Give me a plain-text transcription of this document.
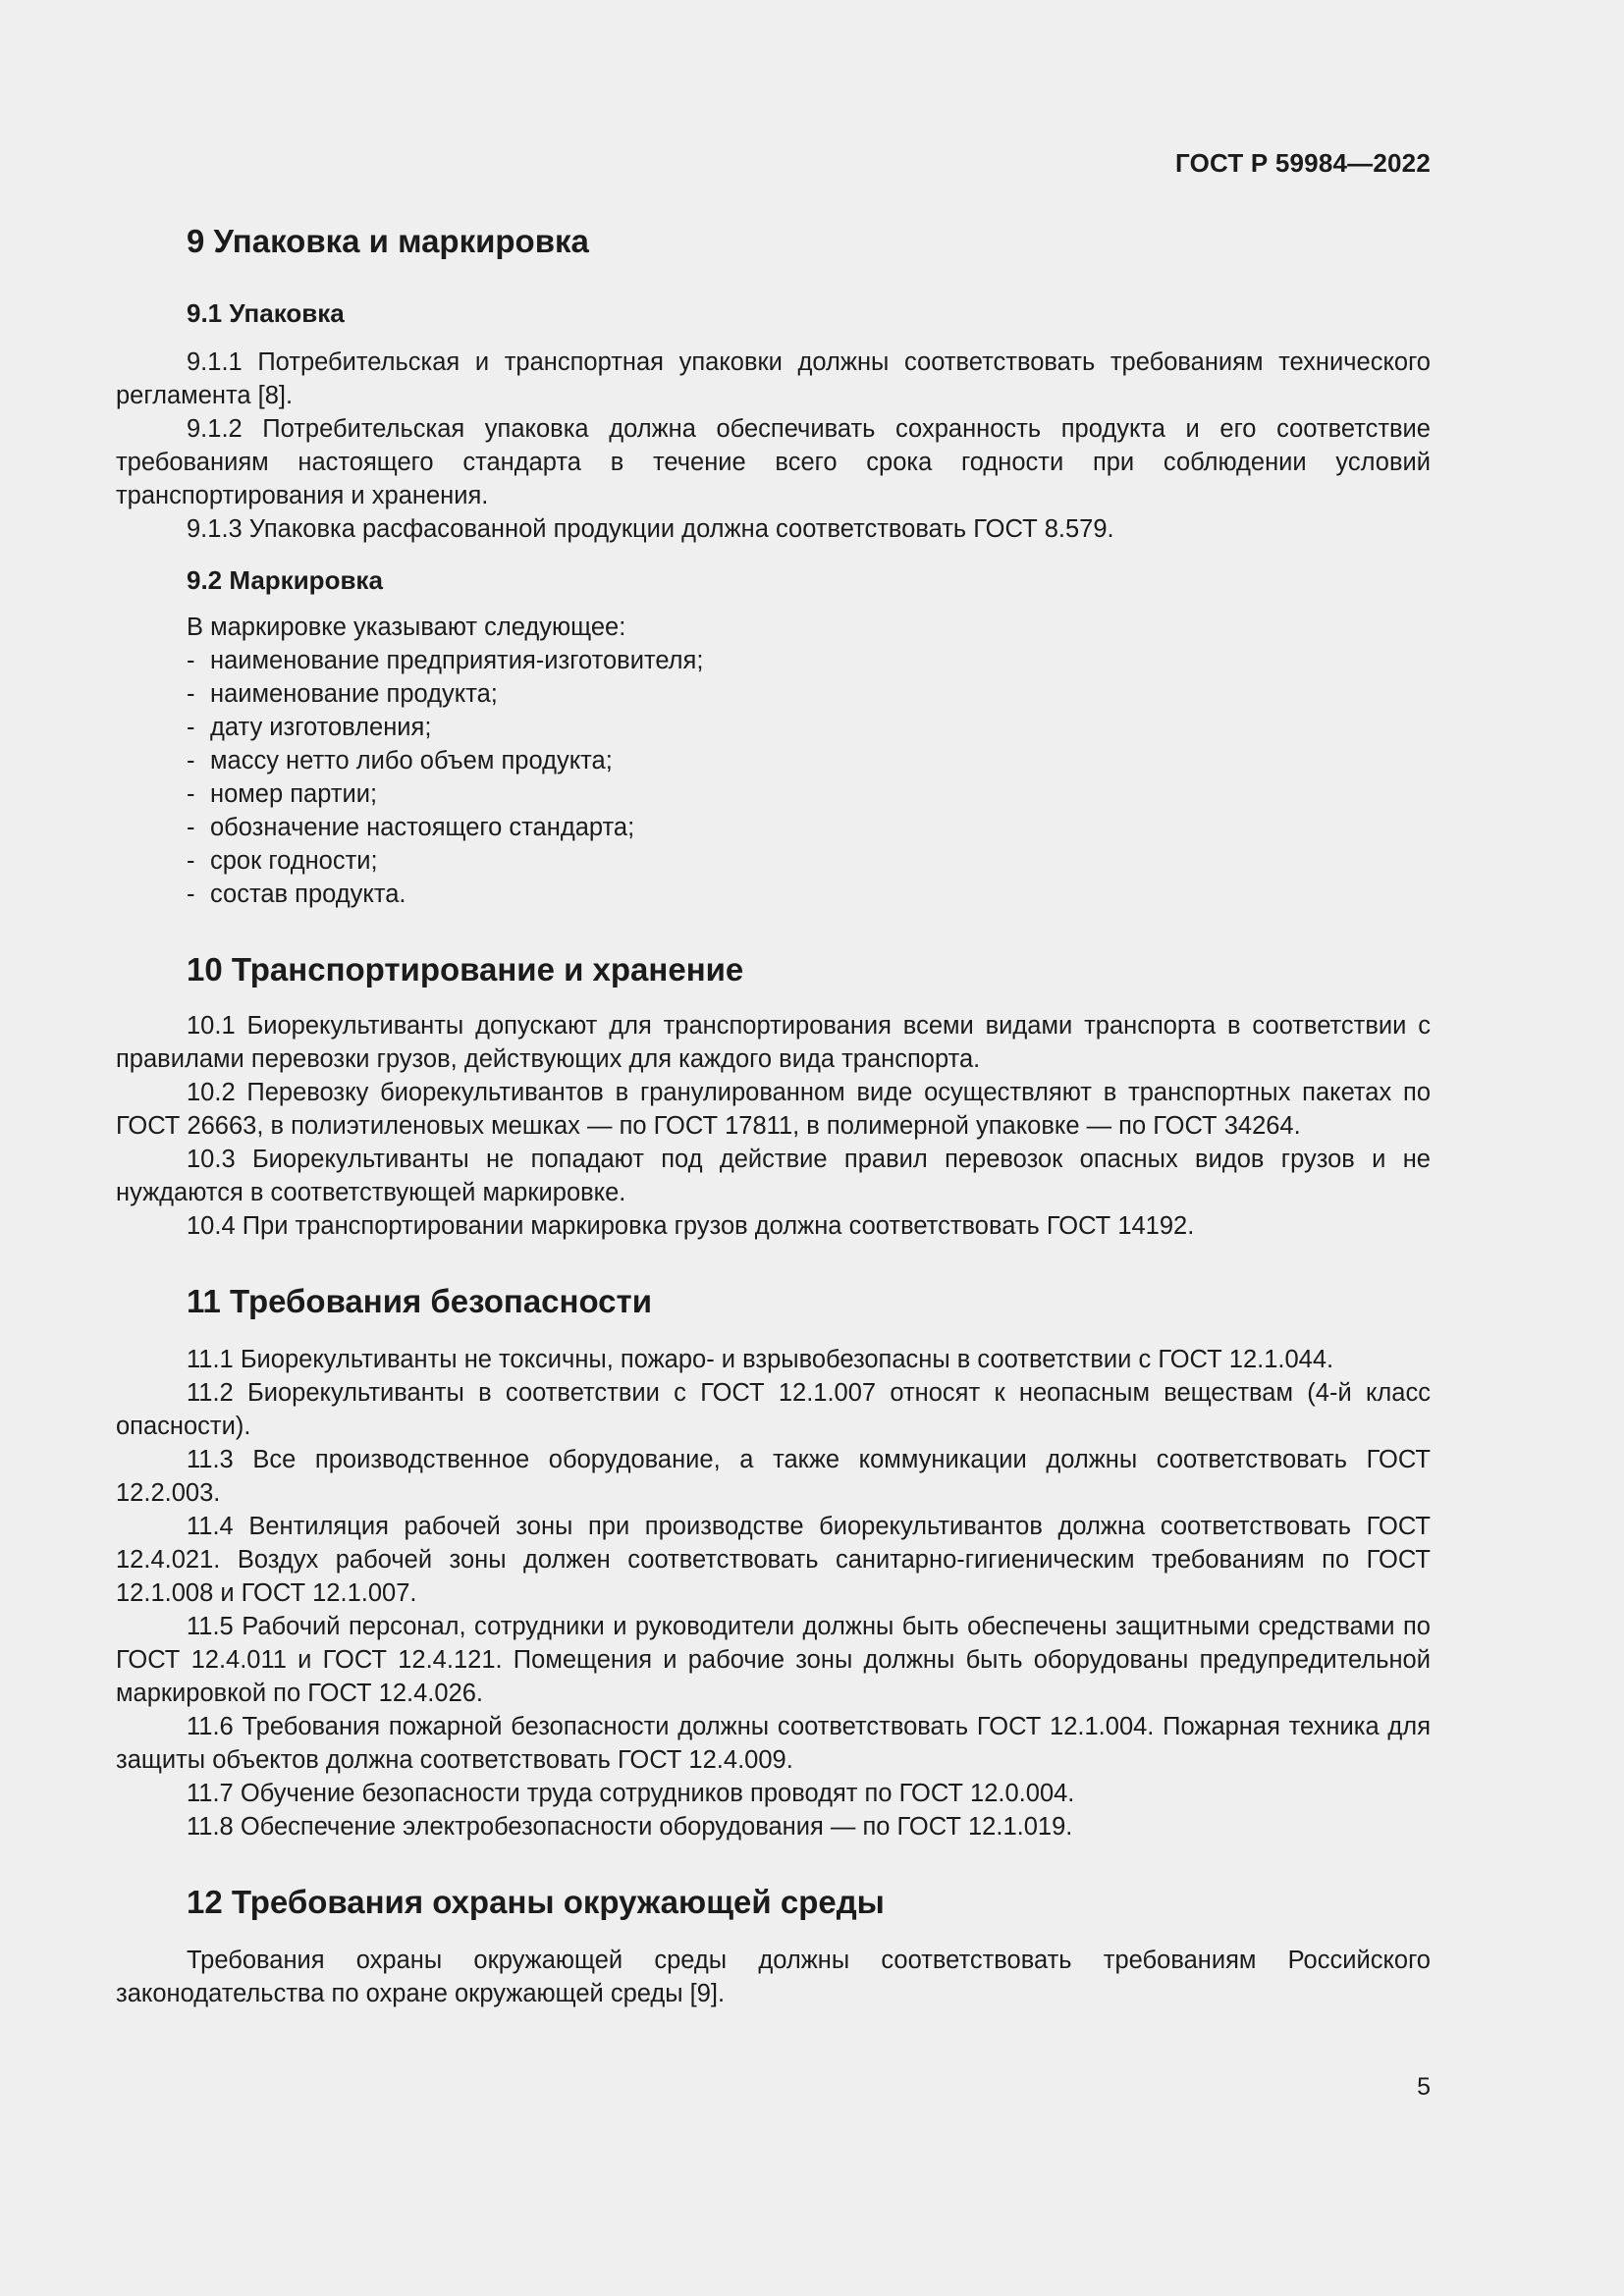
ГОСТ Р 59984—2022
9 Упаковка и маркировка
9.1 Упаковка

9.1.1 Потребительская и транспортная упаковки должны соответствовать требованиям технического регламента [8].

9.1.2 Потребительская упаковка должна обеспечивать сохранность продукта и его соответствие требованиям настоящего стандарта в течение всего срока годности при соблюдении условий транспортирования и хранения.

9.1.3 Упаковка расфасованной продукции должна соответствовать ГОСТ 8.579.

9.2 Маркировка

В маркировке указывают следующее:

- наименование предприятия-изготовителя;
- наименование продукта;
- дату изготовления;
- массу нетто либо объем продукта;
- номер партии;
- обозначение настоящего стандарта;
- срок годности;
- состав продукта.
10 Транспортирование и хранение

10.1 Биорекультиванты допускают для транспортирования всеми видами транспорта в соответствии с правилами перевозки грузов, действующих для каждого вида транспорта.

10.2 Перевозку биорекультивантов в гранулированном виде осуществляют в транспортных пакетах по ГОСТ 26663, в полиэтиленовых мешках — по ГОСТ 17811, в полимерной упаковке — по ГОСТ 34264.

10.3 Биорекультиванты не попадают под действие правил перевозок опасных видов грузов и не нуждаются в соответствующей маркировке.

10.4 При транспортировании маркировка грузов должна соответствовать ГОСТ 14192.

11 Требования безопасности

11.1 Биорекультиванты не токсичны, пожаро- и взрывобезопасны в соответствии с ГОСТ 12.1.044.

11.2 Биорекультиванты в соответствии с ГОСТ 12.1.007 относят к неопасным веществам (4-й класс опасности).

11.3 Все производственное оборудование, а также коммуникации должны соответствовать ГОСТ 12.2.003.

11.4 Вентиляция рабочей зоны при производстве биорекультивантов должна соответствовать ГОСТ 12.4.021. Воздух рабочей зоны должен соответствовать санитарно-гигиеническим требованиям по ГОСТ 12.1.008 и ГОСТ 12.1.007.

11.5 Рабочий персонал, сотрудники и руководители должны быть обеспечены защитными средствами по ГОСТ 12.4.011 и ГОСТ 12.4.121. Помещения и рабочие зоны должны быть оборудованы предупредительной маркировкой по ГОСТ 12.4.026.

11.6 Требования пожарной безопасности должны соответствовать ГОСТ 12.1.004. Пожарная техника для защиты объектов должна соответствовать ГОСТ 12.4.009.

11.7 Обучение безопасности труда сотрудников проводят по ГОСТ 12.0.004.

11.8 Обеспечение электробезопасности оборудования — по ГОСТ 12.1.019.

12 Требования охраны окружающей среды

Требования охраны окружающей среды должны соответствовать требованиям Российского законодательства по охране окружающей среды [9].

5
